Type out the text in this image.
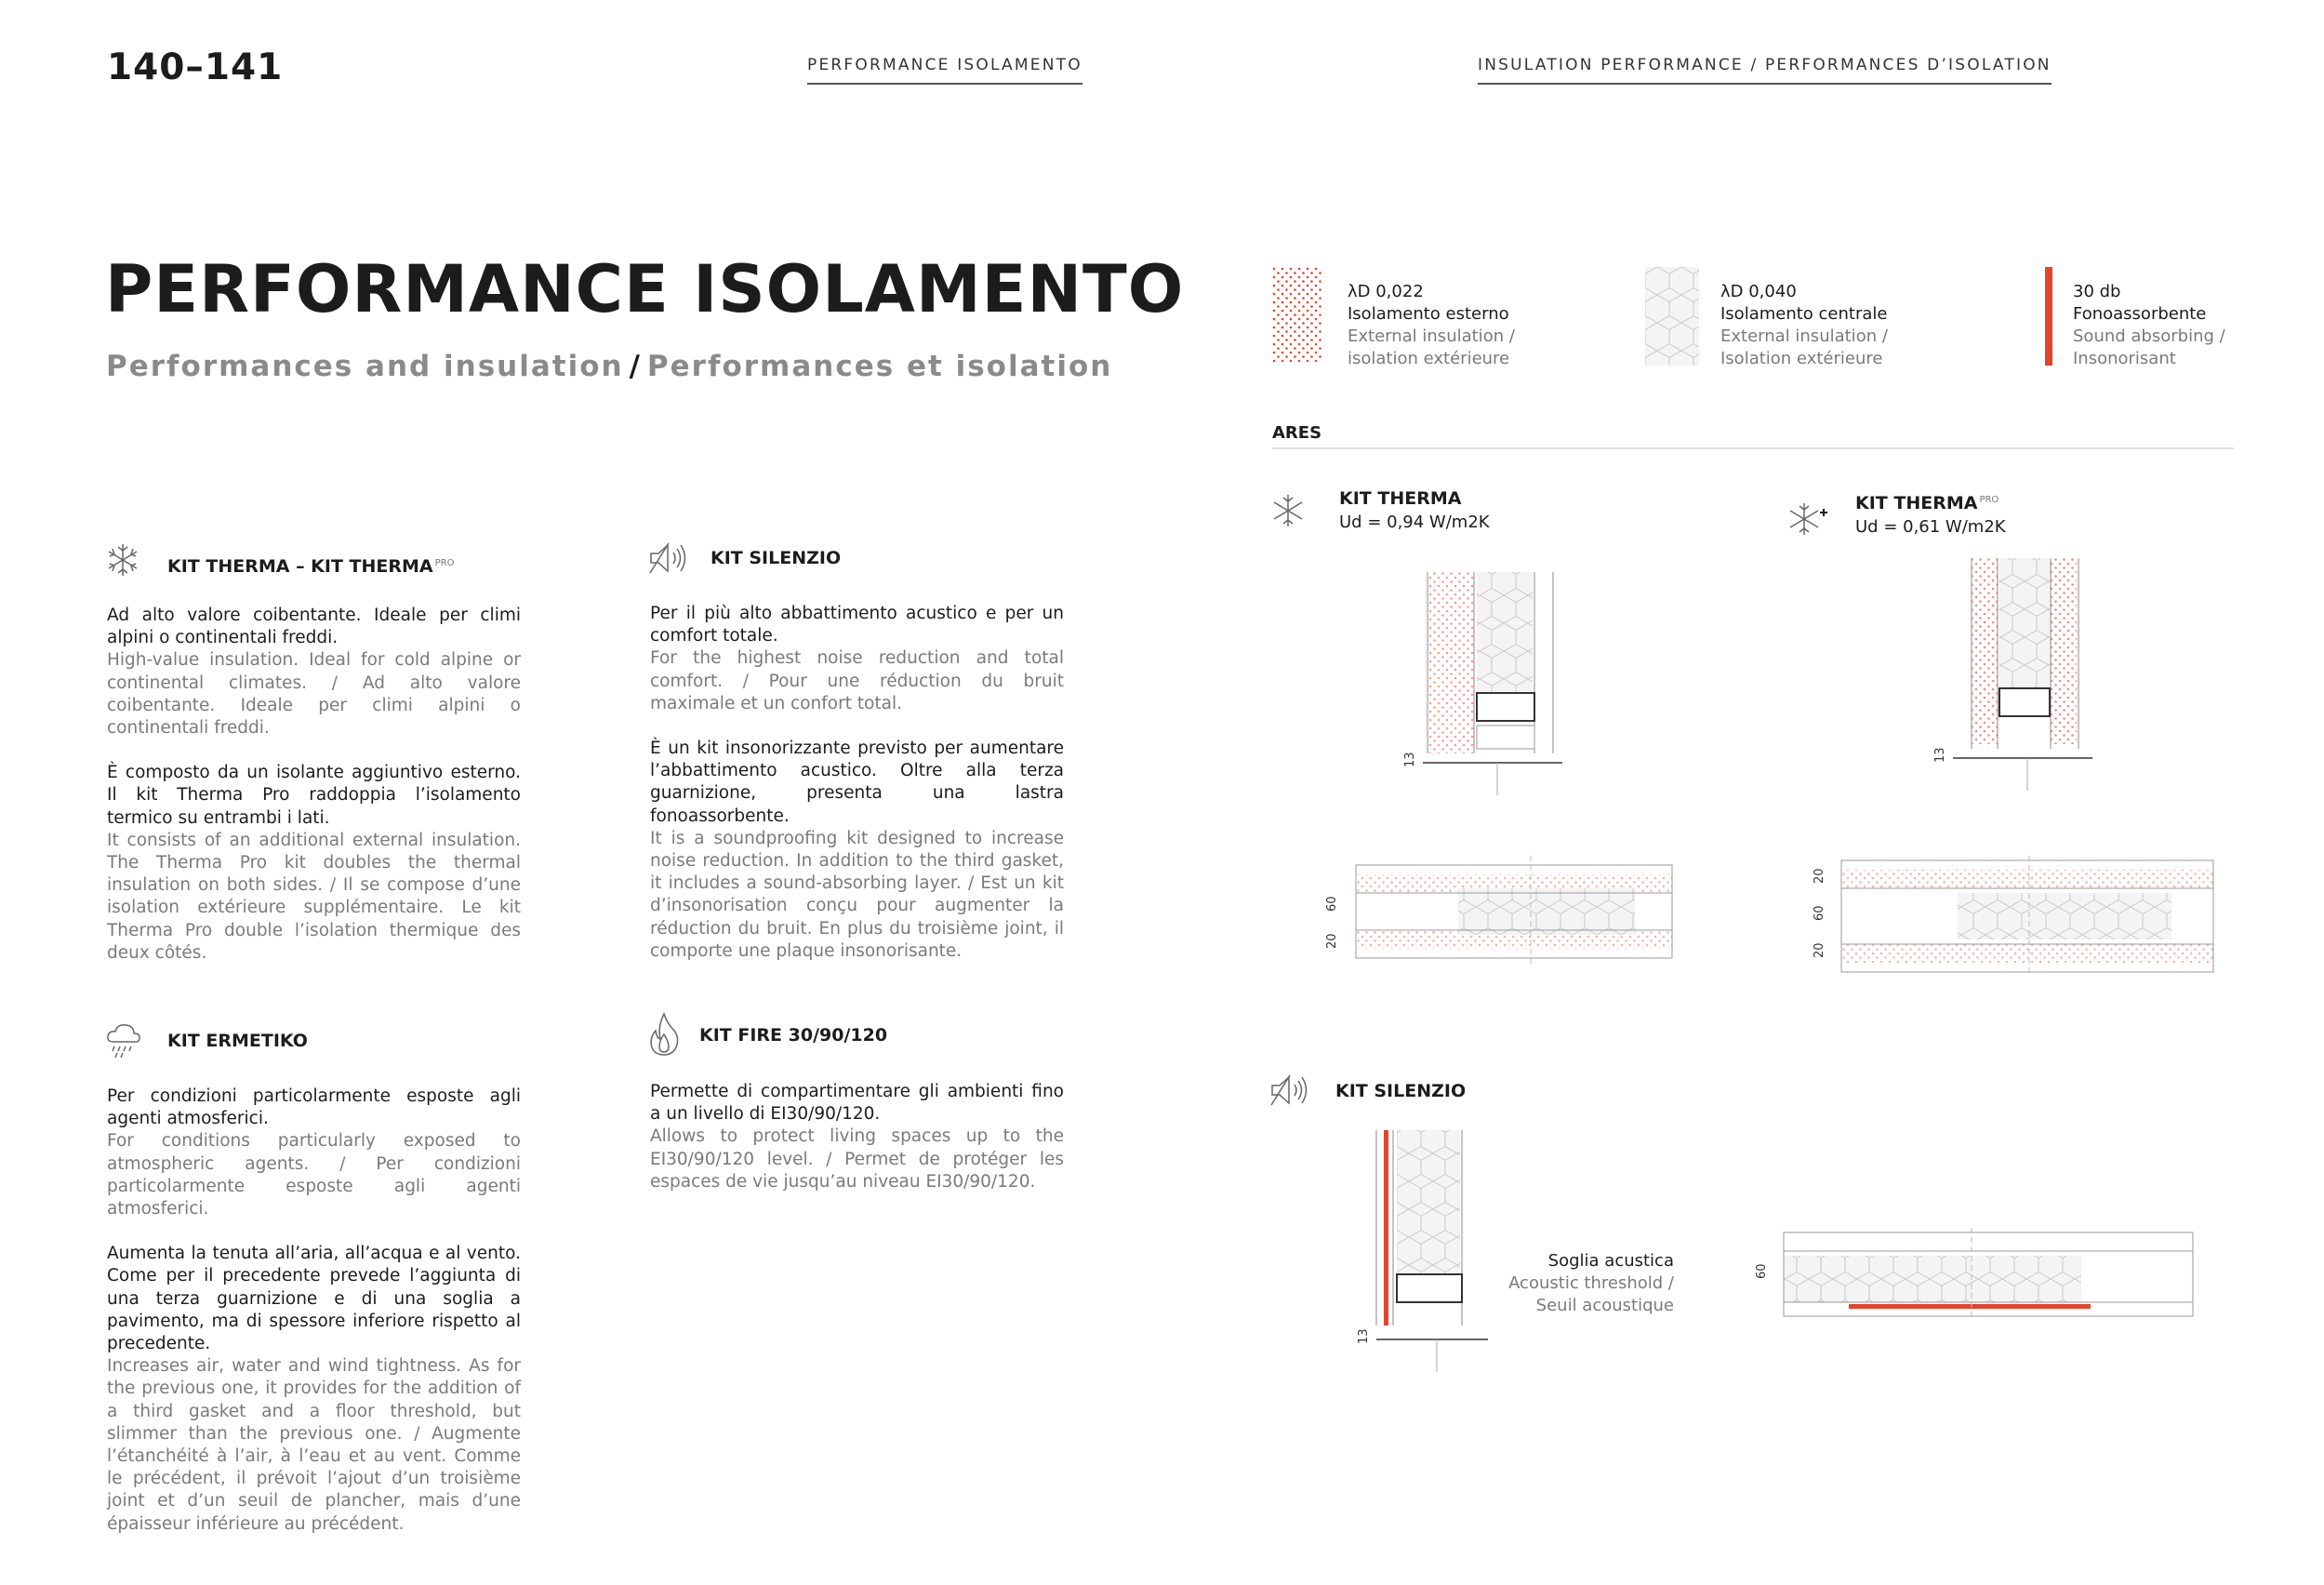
140–141	PERFORMANCE ISOLAMENTO	INSULATION PERFORMANCE / PERFORMANCES D’ISOLATION
PERFORMANCE ISOLAMENTO
Performances and insulation / Performances et isolation
KIT THERMA – KIT THERMA $^{PRO}$
Ad alto valore coibentante. Ideale per climi alpini o continentali freddi.
High-value insulation. Ideal for cold alpine or continental climates. / Ad alto valore coibentante. Ideale per climi alpini o continentali freddi.
È composto da un isolante aggiuntivo esterno. Il kit Therma Pro raddoppia l’isolamento termico su entrambi i lati.
It consists of an additional external insulation. The Therma Pro kit doubles the thermal insulation on both sides. / Il se compose d’une isolation extérieure supplémentaire. Le kit Therma Pro double l’isolation thermique des deux côtés.
KIT SILENZIO
Per il più alto abbattimento acustico e per un comfort totale.
For the highest noise reduction and total comfort. / Pour une réduction du bruit maximale et un confort total.
È un kit insonorizzante previsto per aumentare l’abbattimento acustico. Oltre alla terza guarnizione, presenta una lastra fonoassorbente.
It is a soundproofing kit designed to increase noise reduction. In addition to the third gasket, it includes a sound-absorbing layer. / Est un kit d’insonorisation conçu pour augmenter la réduction du bruit. En plus du troisième joint, il comporte une plaque insonorisante.
KIT ERMETIKO
Per condizioni particolarmente esposte agli agenti atmosferici.
For conditions particularly exposed to atmospheric agents. / Per condizioni particolarmente esposte agli agenti atmosferici.
Aumenta la tenuta all’aria, all’acqua e al vento. Come per il precedente prevede l’aggiunta di una terza guarnizione e di una soglia a pavimento, ma di spessore inferiore rispetto al precedente.
Increases air, water and wind tightness. As for the previous one, it provides for the addition of a third gasket and a floor threshold, but slimmer than the previous one. / Augmente l’étanchéité à l’air, à l’eau et au vent. Comme le précédent, il prévoit l’ajout d’un troisième joint et d’un seuil de plancher, mais d’une épaisseur inférieure au précédent.
KIT FIRE 30/90/120
Permette di compartimentare gli ambienti fino a un livello di EI30/90/120.
Allows to protect living spaces up to the EI30/90/120 level. / Permet de protéger les espaces de vie jusqu’au niveau EI30/90/120.
λD 0,022
Isolamento esterno
External insulation /
isolation extérieure
λD 0,040
Isolamento centrale
External insulation /
Isolation extérieure
30 db
Fonoassorbente
Sound absorbing /
Insonorisant
ARES
KIT THERMA
Ud = 0,94 W/m2K
KIT THERMA $^{PRO}$
Ud = 0,61 W/m2K
13	13
60
20
20
60
20
KIT SILENZIO
13
Soglia acustica
Acoustic threshold /
Seuil acoustique
60
